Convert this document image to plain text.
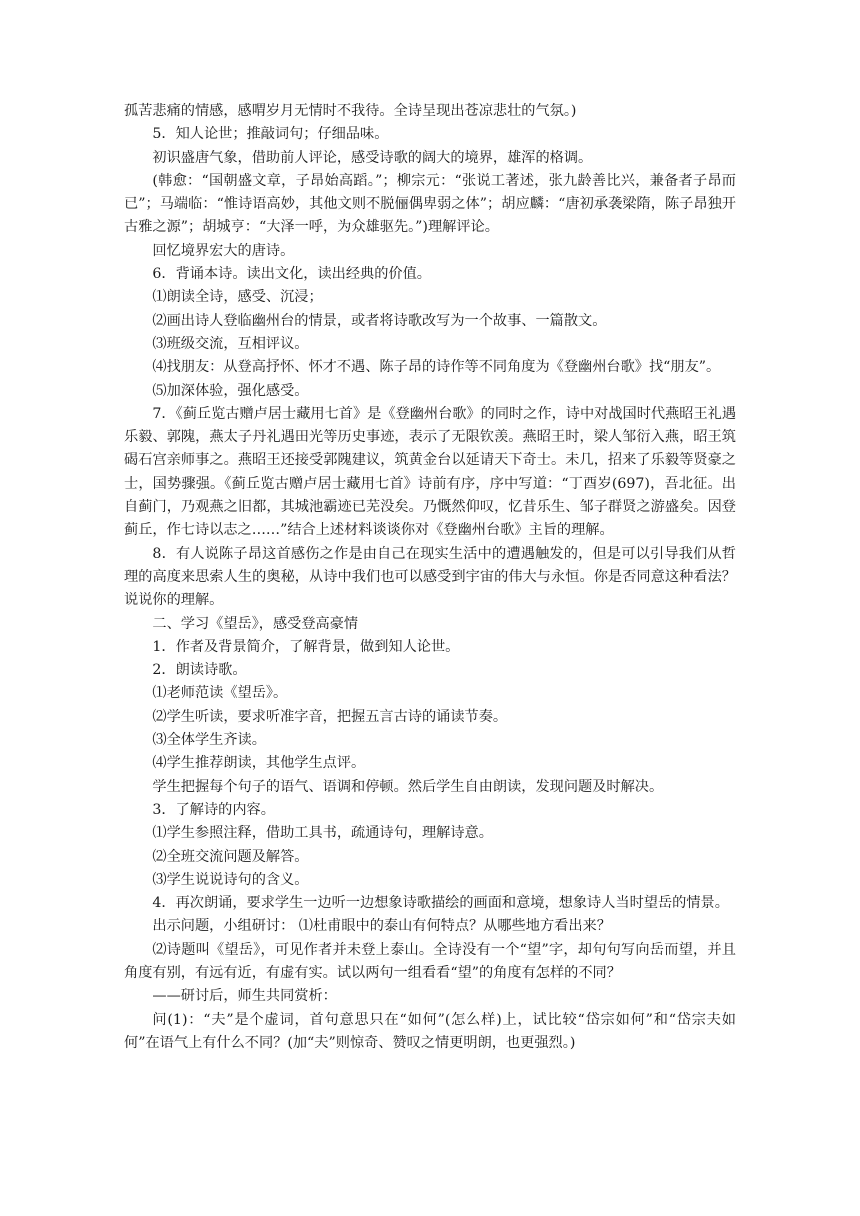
孤苦悲痛的情感，感喟岁月无情时不我待。全诗呈现出苍凉悲壮的气氛。)

5．知人论世；推敲词句；仔细品味。

初识盛唐气象，借助前人评论，感受诗歌的阔大的境界，雄浑的格调。

(韩愈：“国朝盛文章，子昂始高蹈。”；柳宗元：“张说工著述，张九龄善比兴，兼备者子昂而已”；马端临：“惟诗语高妙，其他文则不脱俪偶卑弱之体”；胡应麟：“唐初承袭梁隋，陈子昂独开古雅之源”；胡城亨：“大泽一呼，为众雄驱先。”)理解评论。

回忆境界宏大的唐诗。

6．背诵本诗。读出文化，读出经典的价值。

⑴朗读全诗，感受、沉浸；

⑵画出诗人登临幽州台的情景，或者将诗歌改写为一个故事、一篇散文。

⑶班级交流，互相评议。

⑷找朋友：从登高抒怀、怀才不遇、陈子昂的诗作等不同角度为《登幽州台歌》找“朋友”。

⑸加深体验，强化感受。

7．《蓟丘览古赠卢居士藏用七首》是《登幽州台歌》的同时之作，诗中对战国时代燕昭王礼遇乐毅、郭隗，燕太子丹礼遇田光等历史事迹，表示了无限钦羡。燕昭王时，梁人邹衍入燕，昭王筑碣石宫亲师事之。燕昭王还接受郭隗建议，筑黄金台以延请天下奇士。未几，招来了乐毅等贤豪之士，国势骤强。《蓟丘览古赠卢居士藏用七首》诗前有序，序中写道：“丁酉岁(697)，吾北征。出自蓟门，乃观燕之旧都，其城池霸迹已芜没矣。乃慨然仰叹，忆昔乐生、邹子群贤之游盛矣。因登蓟丘，作七诗以志之……”结合上述材料谈谈你对《登幽州台歌》主旨的理解。

8．有人说陈子昂这首感伤之作是由自己在现实生活中的遭遇触发的，但是可以引导我们从哲理的高度来思索人生的奥秘，从诗中我们也可以感受到宇宙的伟大与永恒。你是否同意这种看法？说说你的理解。

二、学习《望岳》，感受登高豪情

1．作者及背景简介，了解背景，做到知人论世。

2．朗读诗歌。

⑴老师范读《望岳》。

⑵学生听读，要求听准字音，把握五言古诗的诵读节奏。

⑶全体学生齐读。

⑷学生推荐朗读，其他学生点评。

学生把握每个句子的语气、语调和停顿。然后学生自由朗读，发现问题及时解决。

3．了解诗的内容。

⑴学生参照注释，借助工具书，疏通诗句，理解诗意。

⑵全班交流问题及解答。

⑶学生说说诗句的含义。

4．再次朗诵，要求学生一边听一边想象诗歌描绘的画面和意境，想象诗人当时望岳的情景。

出示问题，小组研讨： ⑴杜甫眼中的泰山有何特点？从哪些地方看出来？

⑵诗题叫《望岳》，可见作者并未登上泰山。全诗没有一个“望”字，却句句写向岳而望，并且角度有别，有远有近，有虚有实。试以两句一组看看“望”的角度有怎样的不同？

——研讨后，师生共同赏析：

问(1)：“夫”是个虚词，首句意思只在“如何”(怎么样)上，试比较“岱宗如何”和“岱宗夫如何”在语气上有什么不同？(加“夫”则惊奇、赞叹之情更明朗，也更强烈。)
